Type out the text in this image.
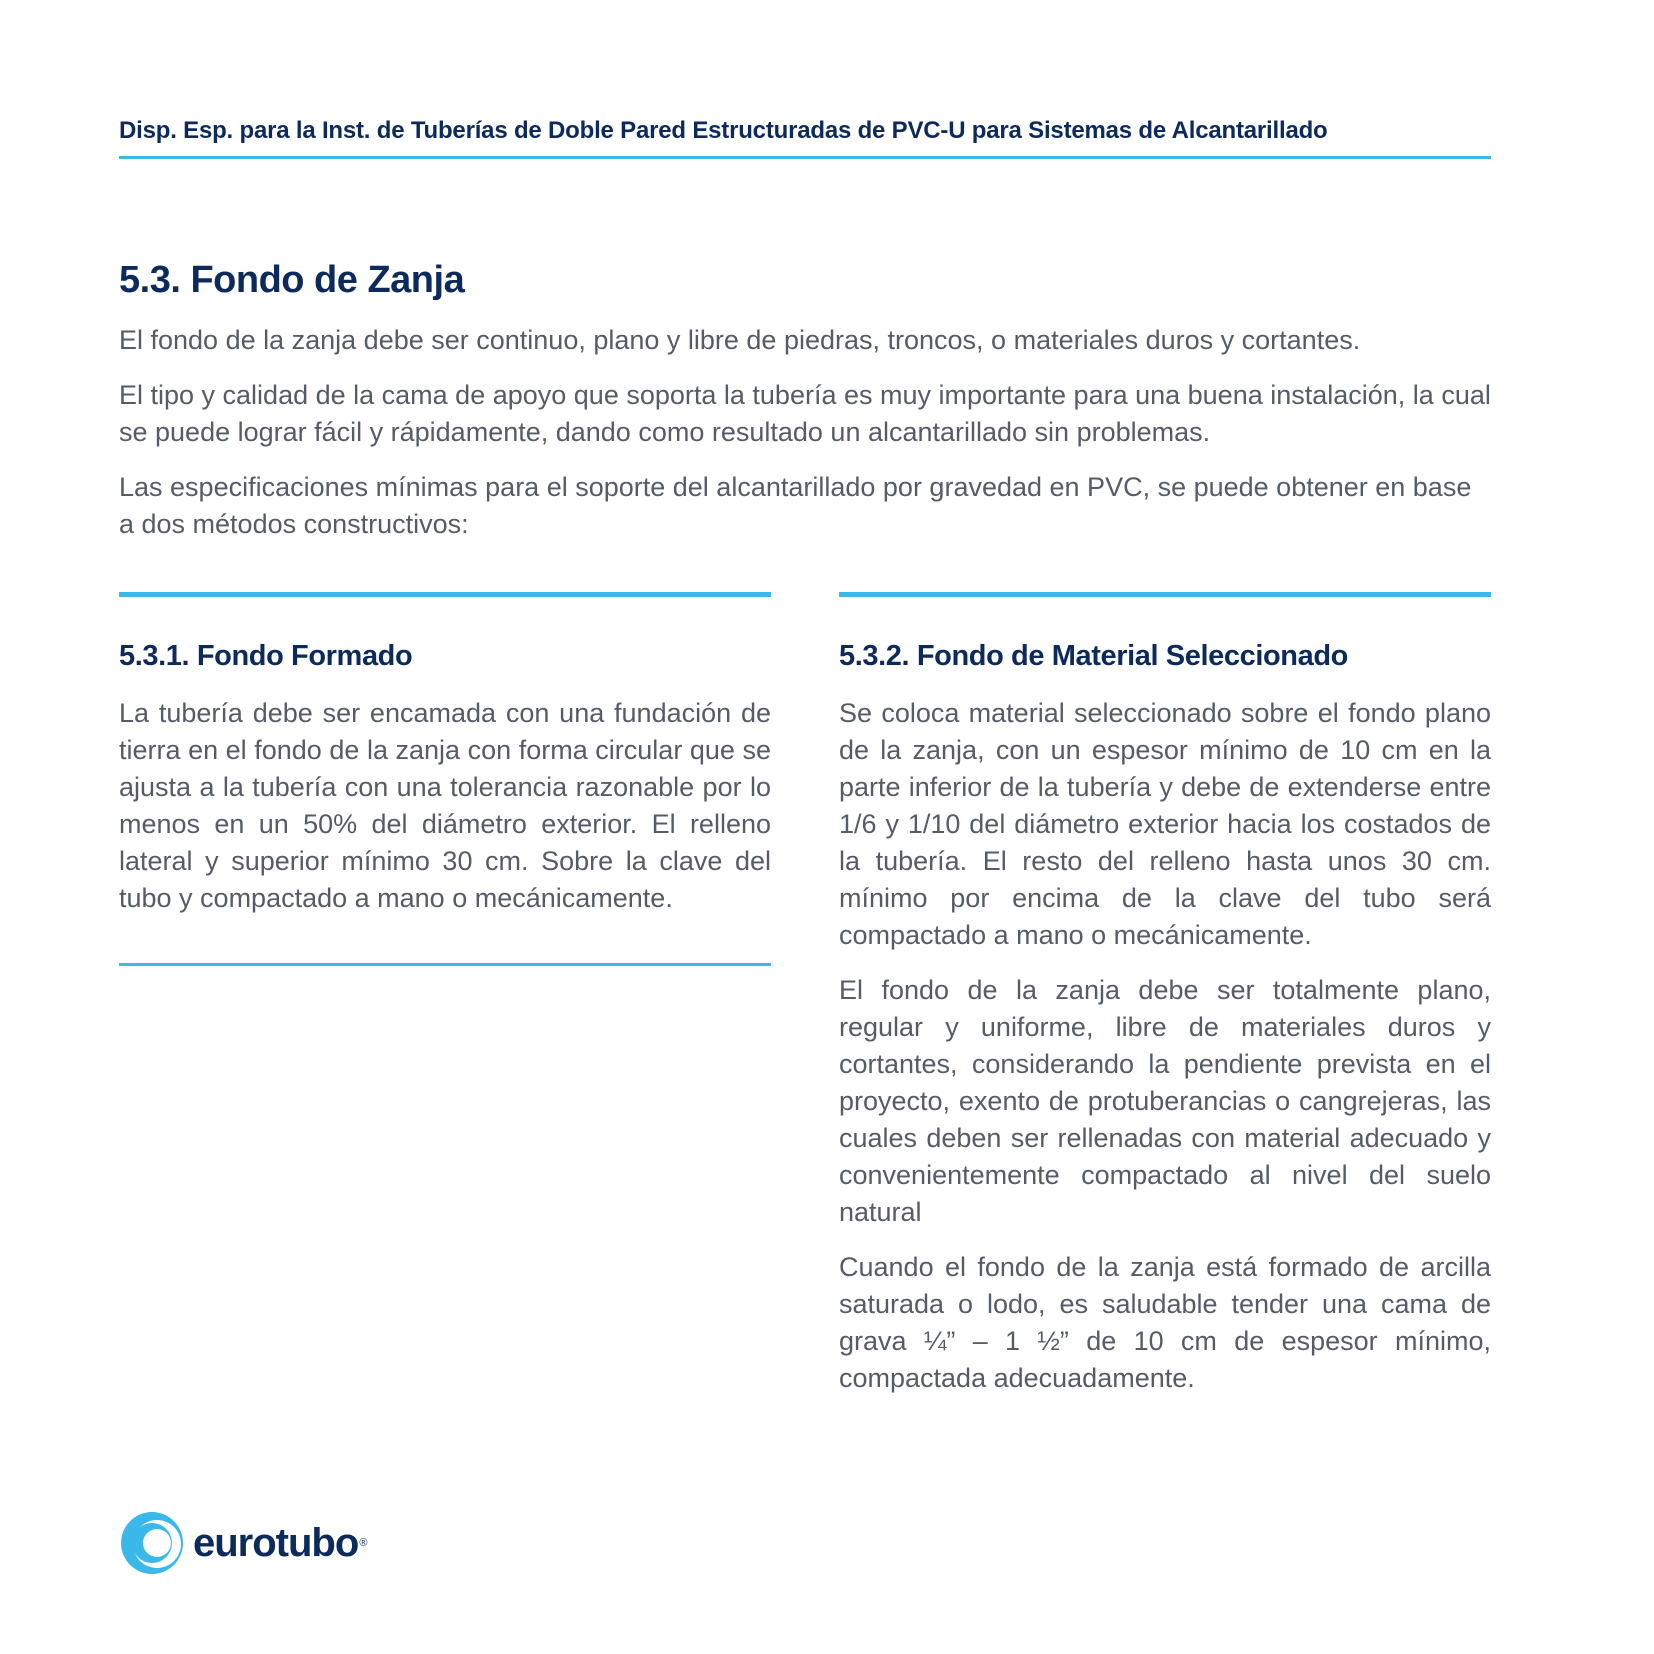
Disp. Esp. para la Inst. de Tuberías de Doble Pared Estructuradas de PVC-U para Sistemas de Alcantarillado
5.3. Fondo de Zanja

El fondo de la zanja debe ser continuo, plano y libre de piedras, troncos, o materiales duros y cortantes.

El tipo y calidad de la cama de apoyo que soporta la tubería es muy importante para una buena instalación, la cual se puede lograr fácil y rápidamente, dando como resultado un alcantarillado sin problemas.

Las especificaciones mínimas para el soporte del alcantarillado por gravedad en PVC, se puede obtener en base a dos métodos constructivos:

5.3.1. Fondo Formado

La tubería debe ser encamada con una fundación de tierra en el fondo de la zanja con forma circular que se ajusta a la tubería con una tolerancia razonable por lo menos en un 50% del diámetro exterior. El relleno lateral y superior mínimo 30 cm. Sobre la clave del tubo y compactado a mano o mecánicamente.

5.3.2. Fondo de Material Seleccionado

Se coloca material seleccionado sobre el fondo plano de la zanja, con un espesor mínimo de 10 cm en la parte inferior de la tubería y debe de extenderse entre 1/6 y 1/10 del diámetro exterior hacia los costados de la tubería. El resto del relleno hasta unos 30 cm. mínimo por encima de la clave del tubo será compactado a mano o mecánicamente.

El fondo de la zanja debe ser totalmente plano, regular y uniforme, libre de materiales duros y cortantes, considerando la pendiente prevista en el proyecto, exento de protuberancias o cangrejeras, las cuales deben ser rellenadas con material adecuado y convenientemente compactado al nivel del suelo natural

Cuando el fondo de la zanja está formado de arcilla saturada o lodo, es saludable tender una cama de grava ¼” – 1 ½” de 10 cm de espesor mínimo, compactada adecuadamente.

eurotubo ®
